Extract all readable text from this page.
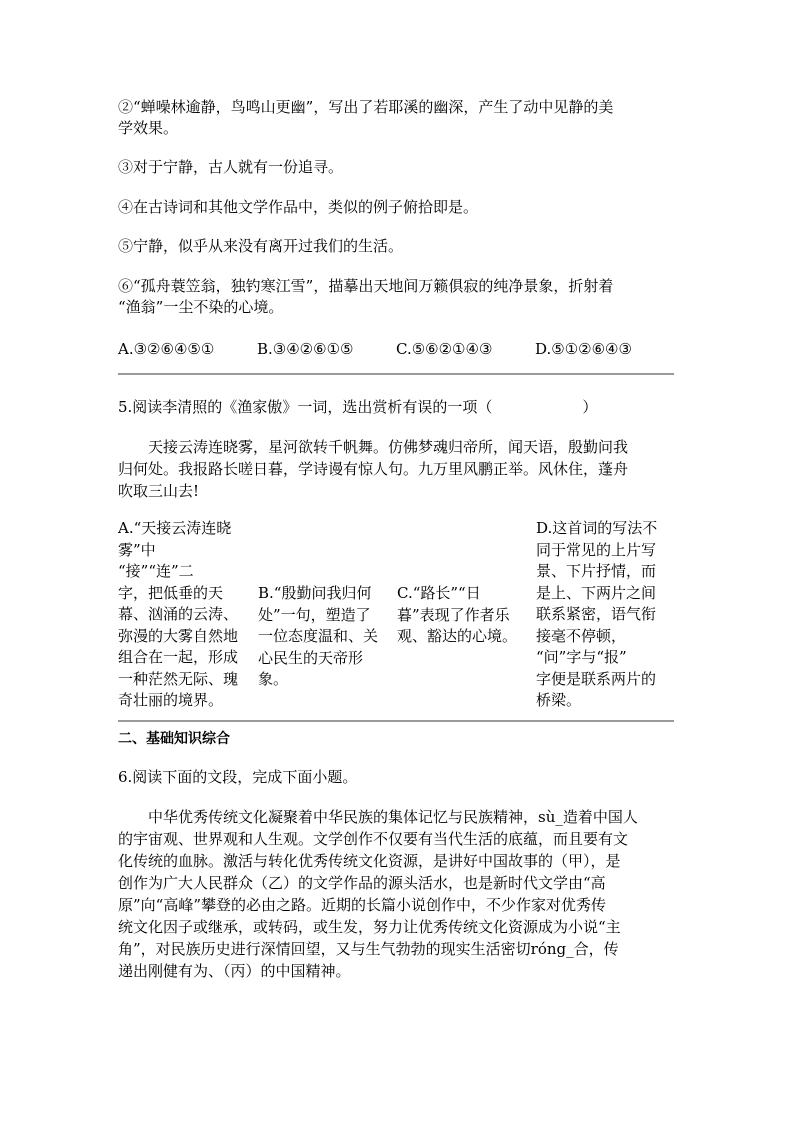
②“蝉噪林逾静，鸟鸣山更幽”，写出了若耶溪的幽深，产生了动中见静的美
学效果。
③对于宁静，古人就有一份追寻。
④在古诗词和其他文学作品中，类似的例子俯拾即是。
⑤宁静，似乎从来没有离开过我们的生活。
⑥“孤舟蓑笠翁，独钓寒江雪”，描摹出天地间万籁俱寂的纯净景象，折射着
“渔翁”一尘不染的心境。
A.③②⑥④⑤①	B.③④②⑥①⑤	C.⑤⑥②①④③	D.⑤①②⑥④③
5.阅读李清照的《渔家傲》一词，选出赏析有误的一项（　　　　　　）
天接云涛连晓雾，星河欲转千帆舞。仿佛梦魂归帝所，闻天语，殷勤问我
归何处。我报路长嗟日暮，学诗谩有惊人句。九万里风鹏正举。风休住，蓬舟
吹取三山去!
A.“天接云涛连晓
雾”中
“接”“连”二
字，把低垂的天
幕、汹涌的云涛、
弥漫的大雾自然地
组合在一起，形成
一种茫然无际、瑰
奇壮丽的境界。
B.“殷勤问我归何
处”一句，塑造了
一位态度温和、关
心民生的天帝形
象。
C.“路长”“日
暮”表现了作者乐
观、豁达的心境。
D.这首词的写法不
同于常见的上片写
景、下片抒情，而
是上、下两片之间
联系紧密，语气衔
接毫不停顿，
“问”字与“报”
字便是联系两片的
桥梁。
二、基础知识综合
6.阅读下面的文段，完成下面小题。
中华优秀传统文化凝聚着中华民族的集体记忆与民族精神，sù_造着中国人
的宇宙观、世界观和人生观。文学创作不仅要有当代生活的底蕴，而且要有文
化传统的血脉。激活与转化优秀传统文化资源，是讲好中国故事的（甲），是
创作为广大人民群众（乙）的文学作品的源头活水，也是新时代文学由“高
原”向“高峰”攀登的必由之路。近期的长篇小说创作中，不少作家对优秀传
统文化因子或继承，或转码，或生发，努力让优秀传统文化资源成为小说“主
角”，对民族历史进行深情回望，又与生气勃勃的现实生活密切róng_合，传
递出刚健有为、（丙）的中国精神。
